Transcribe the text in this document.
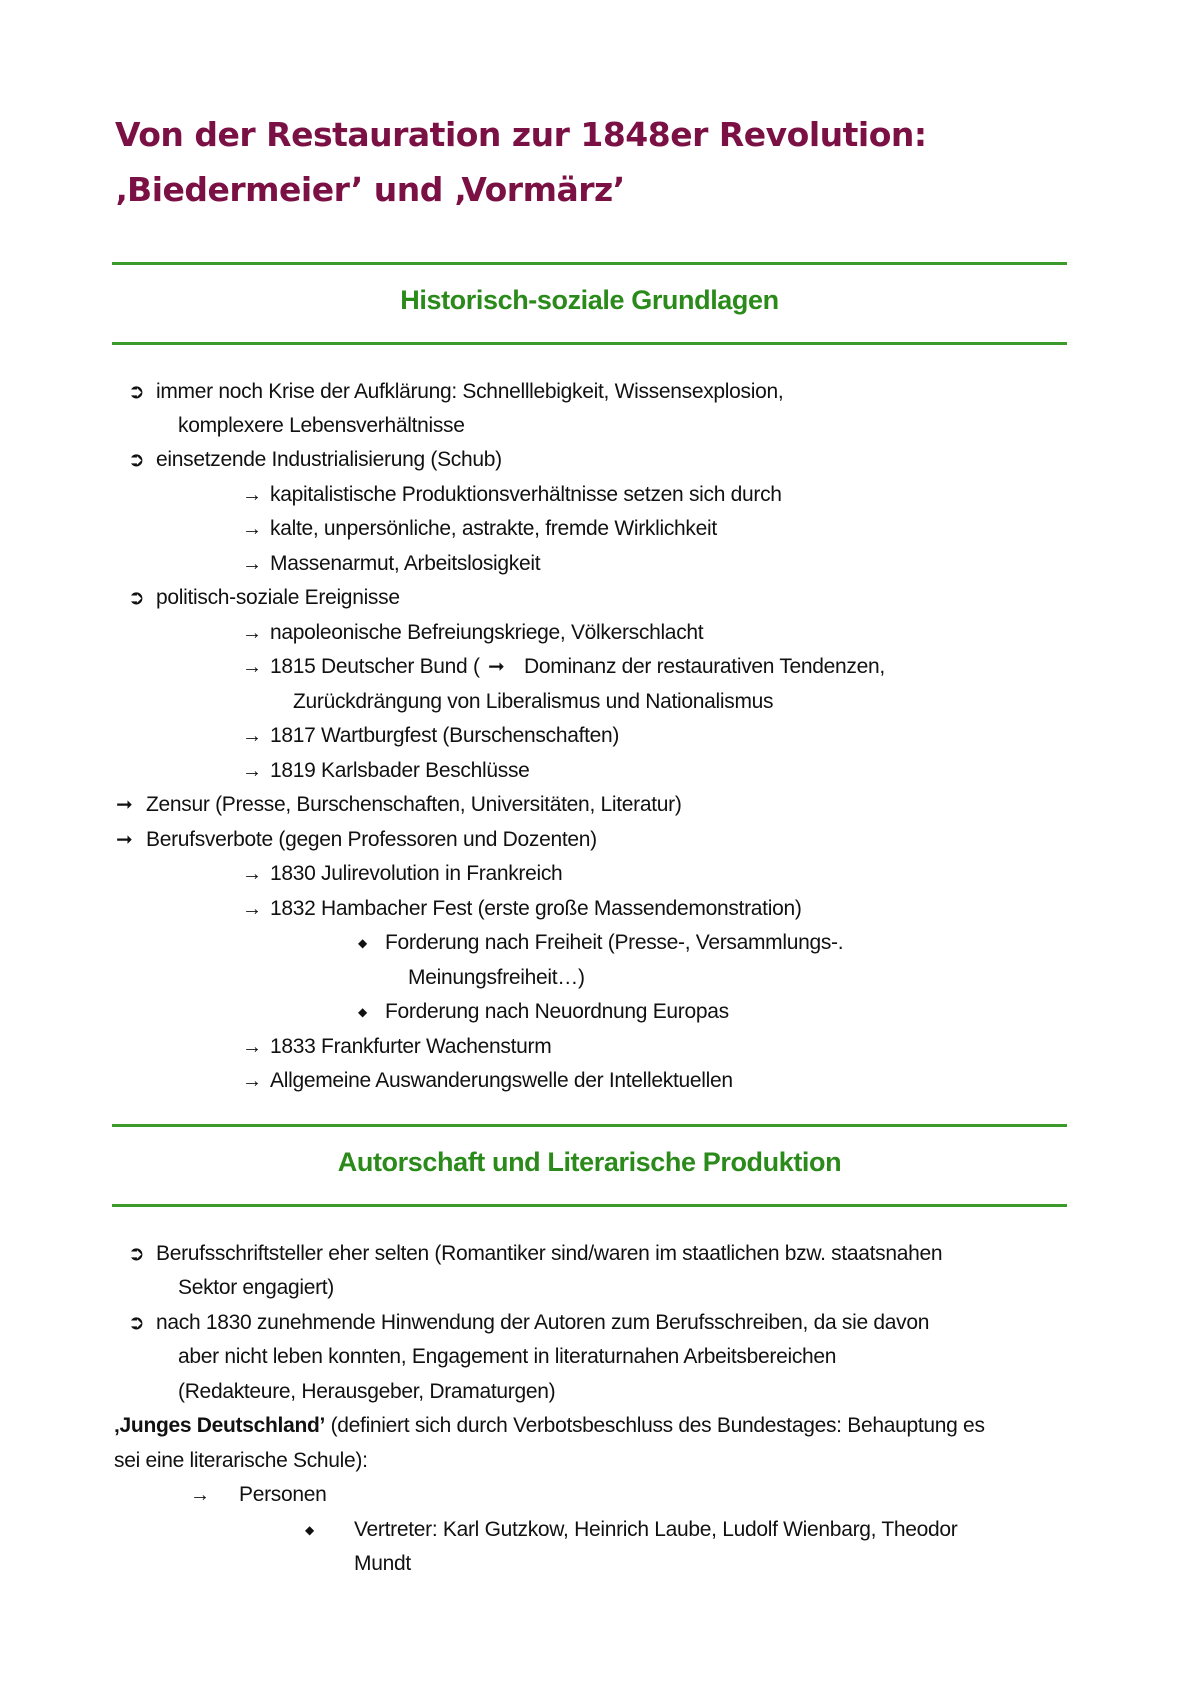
Von der Restauration zur 1848er Revolution:
‚Biedermeier’ und ‚Vormärz’
Historisch-soziale Grundlagen
➲ immer noch Krise der Aufklärung: Schnelllebigkeit, Wissensexplosion,
komplexere Lebensverhältnisse
➲ einsetzende Industrialisierung (Schub)
→ kapitalistische Produktionsverhältnisse setzen sich durch
→ kalte, unpersönliche, astrakte, fremde Wirklichkeit
→ Massenarmut, Arbeitslosigkeit
➲ politisch-soziale Ereignisse
→ napoleonische Befreiungskriege, Völkerschlacht
→ 1815 Deutscher Bund ( ➞ Dominanz der restaurativen Tendenzen,
Zurückdrängung von Liberalismus und Nationalismus
→ 1817 Wartburgfest (Burschenschaften)
→ 1819 Karlsbader Beschlüsse
➞ Zensur (Presse, Burschenschaften, Universitäten, Literatur)
➞ Berufsverbote (gegen Professoren und Dozenten)
→ 1830 Julirevolution in Frankreich
→ 1832 Hambacher Fest (erste große Massendemonstration)
◆ Forderung nach Freiheit (Presse-, Versammlungs-.
Meinungsfreiheit…)
◆ Forderung nach Neuordnung Europas
→ 1833 Frankfurter Wachensturm
→ Allgemeine Auswanderungswelle der Intellektuellen
Autorschaft und Literarische Produktion
➲ Berufsschriftsteller eher selten (Romantiker sind/waren im staatlichen bzw. staatsnahen
Sektor engagiert)
➲ nach 1830 zunehmende Hinwendung der Autoren zum Berufsschreiben, da sie davon
aber nicht leben konnten, Engagement in literaturnahen Arbeitsbereichen
(Redakteure, Herausgeber, Dramaturgen)
‚Junges Deutschland’ (definiert sich durch Verbotsbeschluss des Bundestages: Behauptung es
sei eine literarische Schule):
→ Personen
◆ Vertreter: Karl Gutzkow, Heinrich Laube, Ludolf Wienbarg, Theodor
Mundt
